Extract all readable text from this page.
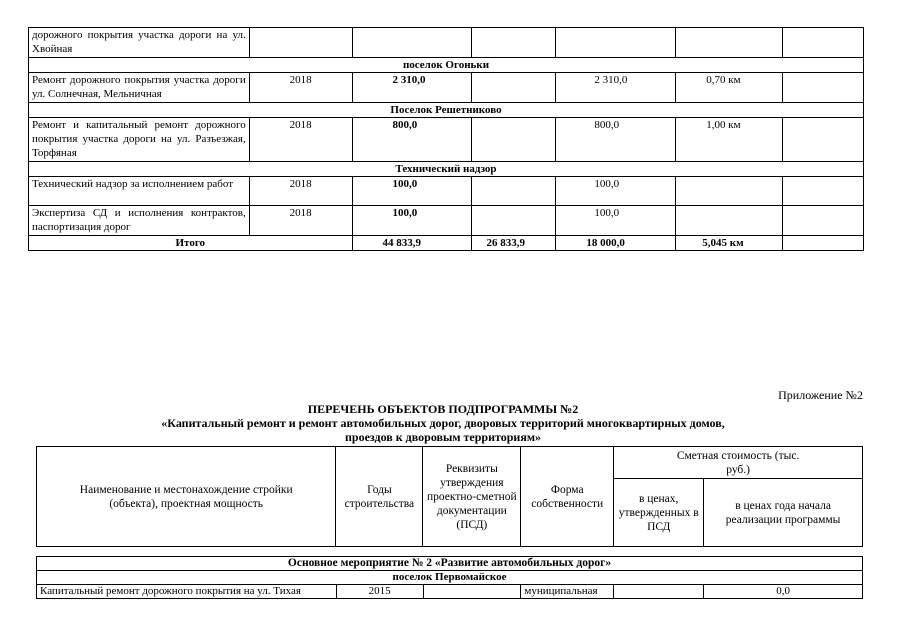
дорожного покрытия участка дороги на ул. Хвойная						
поселок Огоньки						
Ремонт дорожного покрытия участка дороги ул. Солнечная, Мельничная	2018	2 310,0		2 310,0	0,70 км	
Поселок Решетниково						
Ремонт и капитальный ремонт дорожного покрытия участка дороги на ул. Разъезжая, Торфяная	2018	800,0		800,0	1,00 км	
Технический надзор						
Технический надзор за исполнением работ	2018	100,0		100,0		
Экспертиза СД и исполнения контрактов, паспортизация дорог	2018	100,0		100,0		
Итого		44 833,9	26 833,9	18 000,0	5,045 км	
Приложение №2
ПЕРЕЧЕНЬ ОБЪЕКТОВ ПОДПРОГРАММЫ №2
«Капитальный ремонт и ремонт автомобильных дорог, дворовых территорий многоквартирных домов,
проездов к дворовым территориям»
Наименование и местонахождение стройки (объекта), проектная мощность	Годы строительства	Реквизиты утверждения проектно-сметной документации (ПСД)	Форма собственности	Сметная стоимость (тыс. руб.)	
				в ценах, утвержденных в ПСД	в ценах года начала реализации программы
Основное мероприятие № 2 «Развитие автомобильных дорог»
поселок Первомайское
Капитальный ремонт дорожного покрытия на ул. Тихая	2015		муниципальная		0,0
